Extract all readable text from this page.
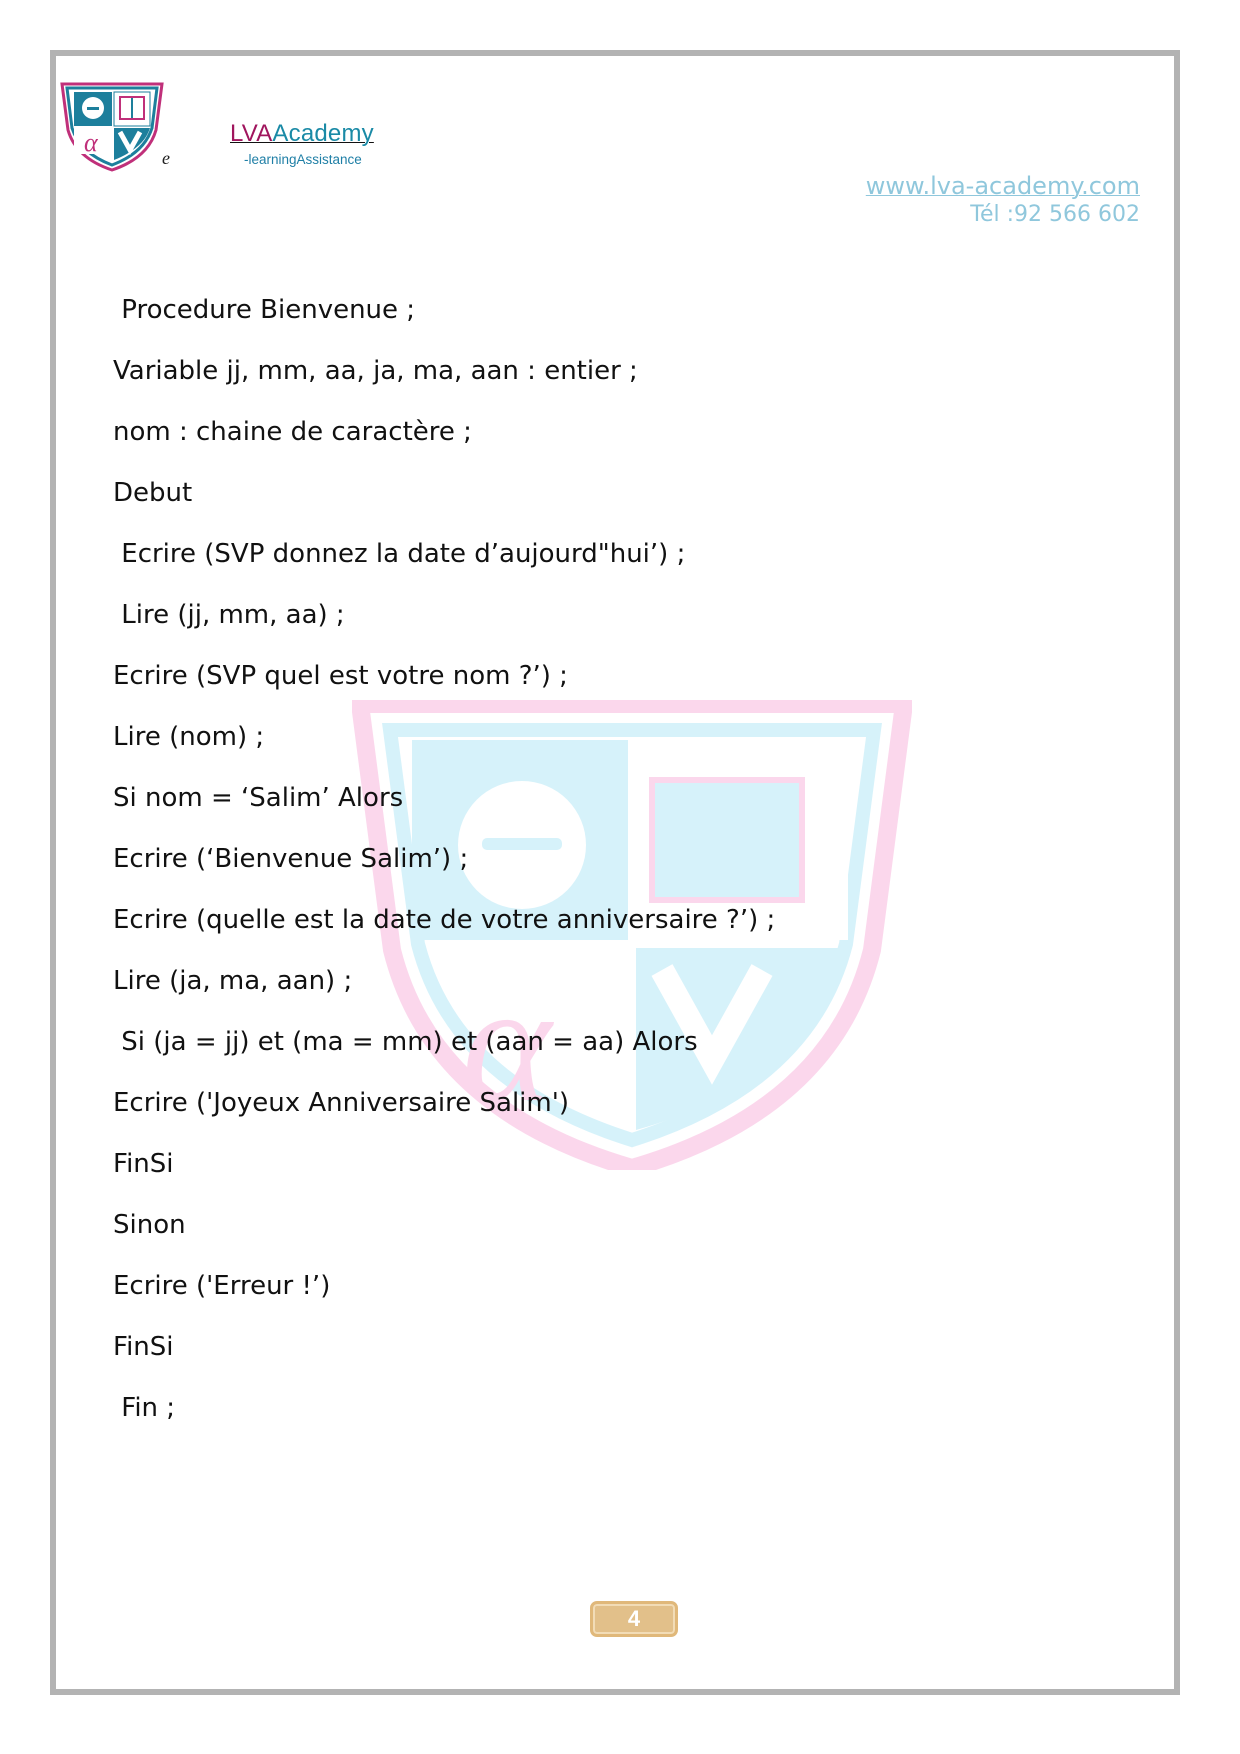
α
e
LVAAcademy
-learningAssistance
www.lva-academy.com
Tél :92 566 602
α
Procedure Bienvenue ;
Variable jj, mm, aa, ja, ma, aan : entier ;
nom : chaine de caractère ;
Debut
Ecrire (SVP donnez la date d’aujourd"hui’) ;
Lire (jj, mm, aa) ;
Ecrire (SVP quel est votre nom ?’) ;
Lire (nom) ;
Si nom = ‘Salim’ Alors
Ecrire (‘Bienvenue Salim’) ;
Ecrire (quelle est la date de votre anniversaire ?’) ;
Lire (ja, ma, aan) ;
Si (ja = jj) et (ma = mm) et (aan = aa) Alors
Ecrire ('Joyeux Anniversaire Salim')
FinSi
Sinon
Ecrire ('Erreur !’)
FinSi
Fin ;
4
